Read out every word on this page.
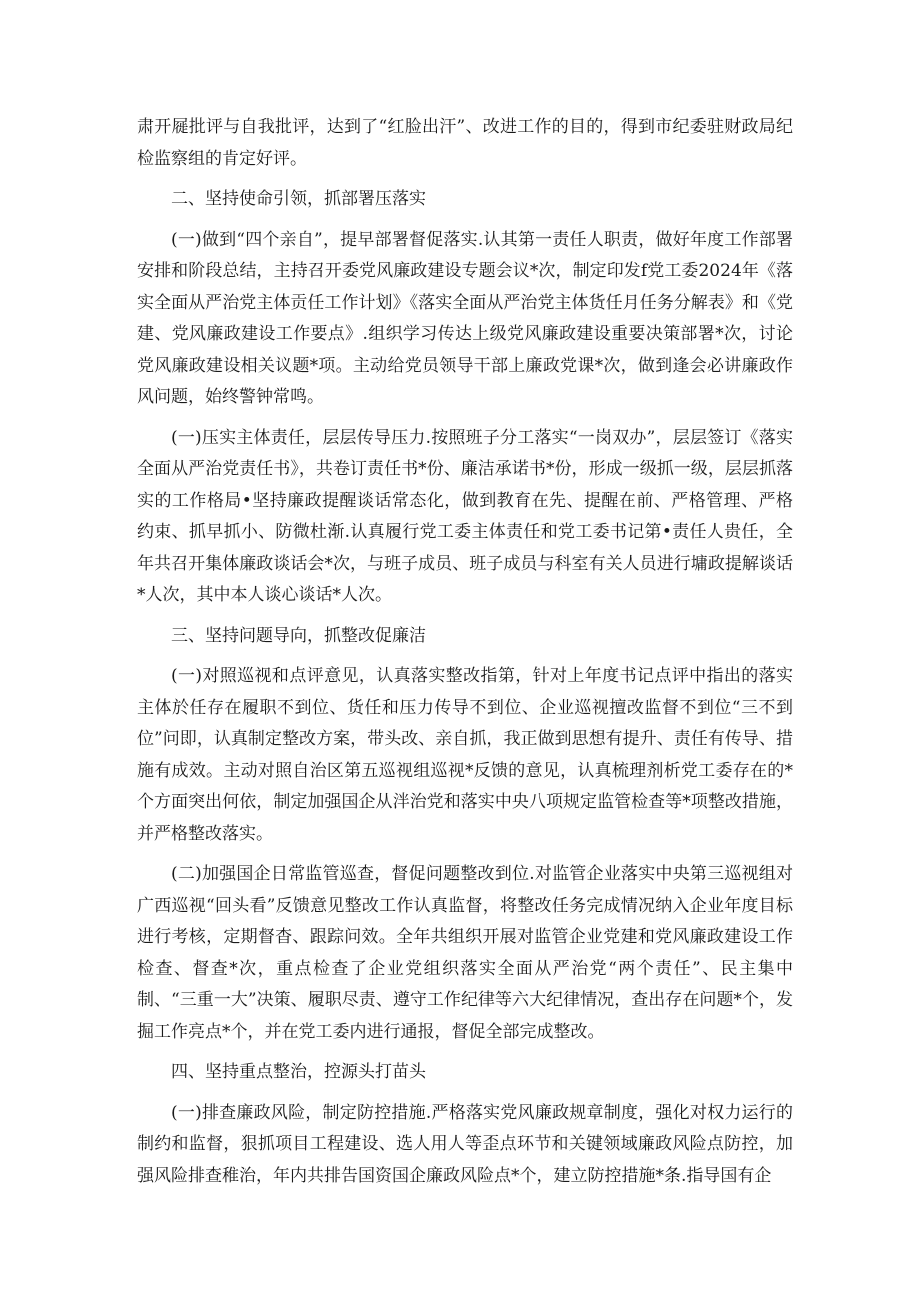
肃开屣批评与自我批评，达到了“红脸出汗”、改进工作的目的，得到市纪委驻财政局纪检监察组的肯定好评。

二、坚持使命引领，抓部署压落实

(一)做到“四个亲自”，提早部署督促落实.认其第一责任人职责，做好年度工作部署安排和阶段总结，主持召开委党风廉政建设专题会议*次，制定印发f党工委2024年《落实全面从严治党主体贡任工作计划》《落实全面从严治党主体货任月任务分解表》和《党建、党风廉政建设工作要点》.组织学习传达上级党风廉政建设重要决策部署*次，讨论党风廉政建设相关议题*项。主动给党员领导干部上廉政党课*次，做到逢会必讲廉政作风问题，始终警钟常鸣。

(一)压实主体责任，层层传导压力.按照班子分工落实“一岗双办”，层层签订《落实全面从严治党责任书》，共卷订责任书*份、廉洁承诺书*份，形成一级抓一级，层层抓落实的工作格局•坚持廉政提醒谈话常态化，做到教育在先、提醒在前、严格管理、严格约束、抓早抓小、防微杜渐.认真履行党工委主体责任和党工委书记第•责任人贵任，全年共召开集体廉政谈话会*次，与班子成员、班子成员与科室有关人员进行墉政提解谈话*人次，其中本人谈心谈话*人次。

三、坚持问题导向，抓整改促廉洁

(一)对照巡视和点评意见，认真落实整改指第，针对上年度书记点评中指出的落实主体於任存在履职不到位、货任和压力传导不到位、企业巡视擅改监督不到位“三不到位”问即，认真制定整改方案，带头改、亲自抓，我正做到思想有提升、责任有传导、措施有成效。主动对照自治区第五巡视组巡视*反馈的意见，认真梳理剂析党工委存在的*个方面突出何依，制定加强国企从泮治党和落实中央八项规定监管检查等*项整改措施，并严格整改落实。

(二)加强国企日常监管巡查，督促问题整改到位.对监管企业落实中央第三巡视组对广西巡视“回头看”反馈意见整改工作认真监督，将整改任务完成情况纳入企业年度目标进行考核，定期督杳、跟踪问效。全年共组织开展对监管企业党建和党风廉政建设工作检查、督查*次，重点检查了企业党组织落实全面从严治党“两个责任”、民主集中制、“三重一大”决策、履职尽责、遵守工作纪律等六大纪律情况，查出存在问题*个，发掘工作亮点*个，并在党工委内进行通报，督促全部完成整改。

四、坚持重点整治，控源头打苗头

(一)排查廉政风险，制定防控措施.严格落实党风廉政规章制度，强化对权力运行的制约和监督，狠抓项目工程建设、选人用人等歪点环节和关键领域廉政风险点防控，加强风险排查稚治，年内共排告国资国企廉政风险点*个，建立防控措施*条.指导国有企
